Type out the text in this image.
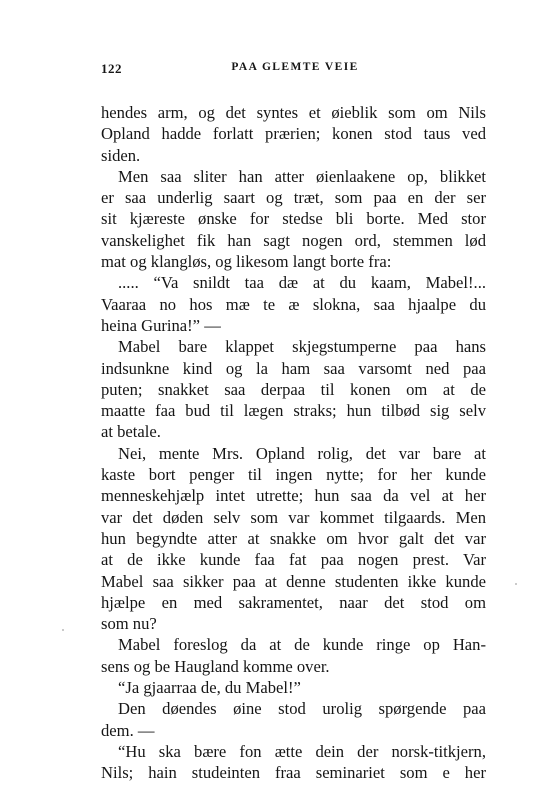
122	PAA GLEMTE VEIE
hendes arm, og det syntes et øieblik som om Nils
Opland hadde forlatt prærien; konen stod taus ved
siden.
Men saa sliter han atter øienlaakene op, blikket
er saa underlig saart og træt, som paa en der ser
sit kjæreste ønske for stedse bli borte. Med stor
vanskelighet fik han sagt nogen ord, stemmen lød
mat og klangløs, og likesom langt borte fra:
..... “Va snildt taa dæ at du kaam, Mabel!...
Vaaraa no hos mæ te æ slokna, saa hjaalpe du
heina Gurina!” —
Mabel bare klappet skjegstumperne paa hans
indsunkne kind og la ham saa varsomt ned paa
puten; snakket saa derpaa til konen om at de
maatte faa bud til lægen straks; hun tilbød sig selv
at betale.
Nei, mente Mrs. Opland rolig, det var bare at
kaste bort penger til ingen nytte; for her kunde
menneskehjælp intet utrette; hun saa da vel at her
var det døden selv som var kommet tilgaards. Men
hun begyndte atter at snakke om hvor galt det var
at de ikke kunde faa fat paa nogen prest. Var
Mabel saa sikker paa at denne studenten ikke kunde
hjælpe en med sakramentet, naar det stod om
som nu?
Mabel foreslog da at de kunde ringe op Han-
sens og be Haugland komme over.
“Ja gjaarraa de, du Mabel!”
Den døendes øine stod urolig spørgende paa
dem. —
“Hu ska bære fon ætte dein der norsk-titkjern,
Nils; hain studeinten fraa seminariet som e her
